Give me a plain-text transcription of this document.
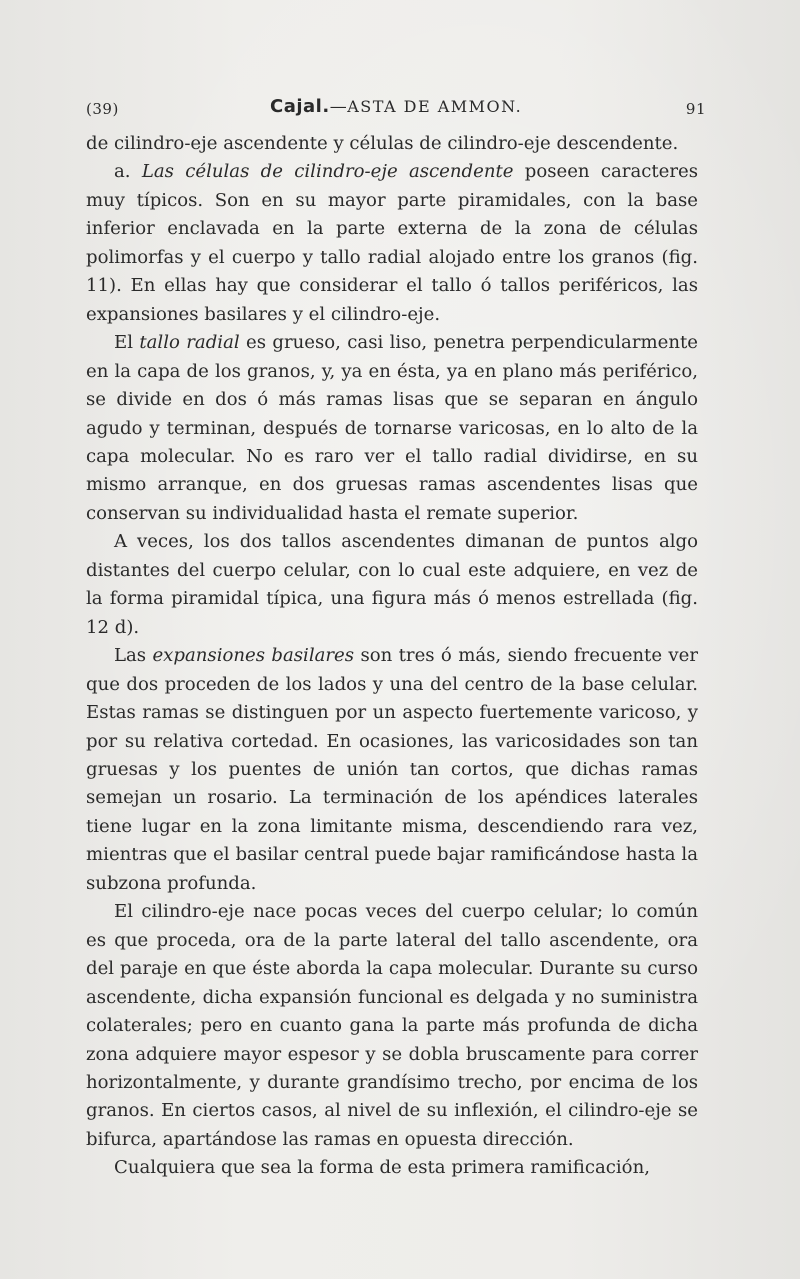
(39)	Cajal.—ASTA DE AMMON.	91

de cilindro-eje ascendente y células de cilindro-eje descendente.

a. Las células de cilindro-eje ascendente poseen caracteres muy típicos. Son en su mayor parte piramidales, con la base inferior enclavada en la parte externa de la zona de células polimorfas y el cuerpo y tallo radial alojado entre los granos (fig. 11). En ellas hay que considerar el tallo ó tallos periféricos, las expansiones basilares y el cilindro-eje.

El tallo radial es grueso, casi liso, penetra perpendicularmente en la capa de los granos, y, ya en ésta, ya en plano más periférico, se divide en dos ó más ramas lisas que se separan en ángulo agudo y terminan, después de tornarse varicosas, en lo alto de la capa molecular. No es raro ver el tallo radial dividirse, en su mismo arranque, en dos gruesas ramas ascendentes lisas que conservan su individualidad hasta el remate superior.

A veces, los dos tallos ascendentes dimanan de puntos algo distantes del cuerpo celular, con lo cual este adquiere, en vez de la forma piramidal típica, una figura más ó menos estrellada (fig. 12 d).

Las expansiones basilares son tres ó más, siendo frecuente ver que dos proceden de los lados y una del centro de la base celular. Estas ramas se distinguen por un aspecto fuertemente varicoso, y por su relativa cortedad. En ocasiones, las varicosidades son tan gruesas y los puentes de unión tan cortos, que dichas ramas semejan un rosario. La terminación de los apéndices laterales tiene lugar en la zona limitante misma, descendiendo rara vez, mientras que el basilar central puede bajar ramificándose hasta la subzona profunda.

El cilindro-eje nace pocas veces del cuerpo celular; lo común es que proceda, ora de la parte lateral del tallo ascendente, ora del paraje en que éste aborda la capa molecular. Durante su curso ascendente, dicha expansión funcional es delgada y no suministra colaterales; pero en cuanto gana la parte más profunda de dicha zona adquiere mayor espesor y se dobla bruscamente para correr horizontalmente, y durante grandísimo trecho, por encima de los granos. En ciertos casos, al nivel de su inflexión, el cilindro-eje se bifurca, apartándose las ramas en opuesta dirección.

Cualquiera que sea la forma de esta primera ramificación,
